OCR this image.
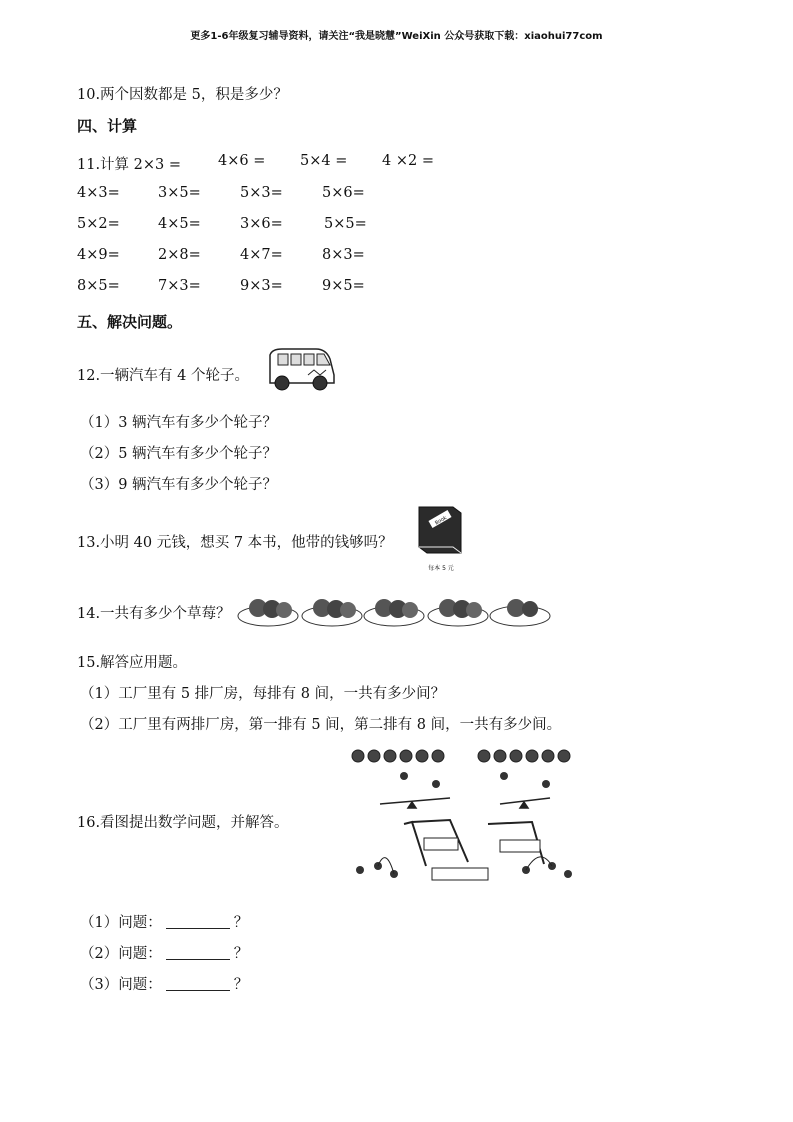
更多1-6年级复习辅导资料，请关注“我是晓慧”WeiXin 公众号获取下载：xiaohui77com
10.两个因数都是 5，积是多少？
四、计算
11.计算 2×3 =	4×6 = 5×4 = 4 ×2 =
4×3=	3×5=	5×3=	5×6=
5×2=	4×5=	3×6=	5×5=
4×9=	2×8=	4×7=	8×3=
8×5=	7×3=	9×3=	9×5=
五、解决问题。
12.一辆汽车有 4 个轮子。
（1）3 辆汽车有多少个轮子？
（2）5 辆汽车有多少个轮子？
（3）9 辆汽车有多少个轮子？
13.小明 40 元钱，想买 7 本书，他带的钱够吗？
Book
每本 5 元
14.一共有多少个草莓？
15.解答应用题。
（1）工厂里有 5 排厂房，每排有 8 间，一共有多少间？
（2）工厂里有两排厂房，第一排有 5 间，第二排有 8 间，一共有多少间。
16.看图提出数学问题，并解答。
（1）问题：	？
（2）问题：	？
（3）问题：	？
